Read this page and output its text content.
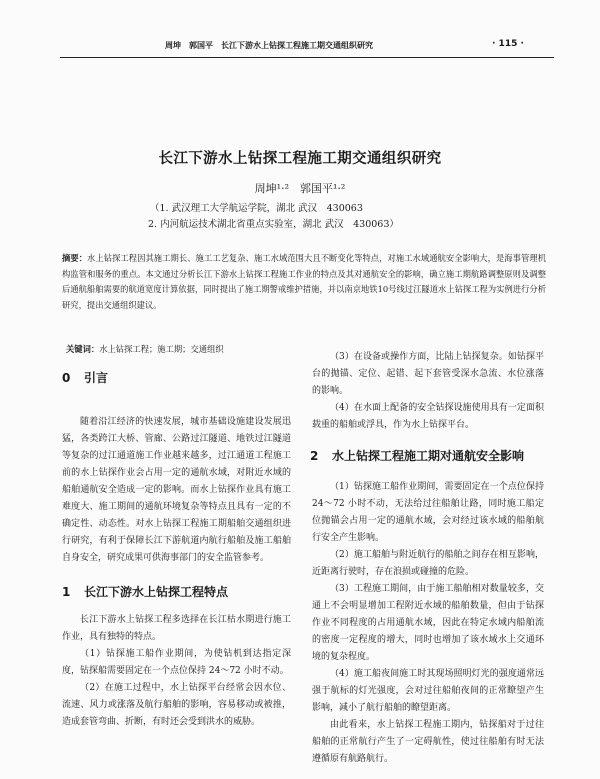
周坤　郭国平　长江下游水上钻探工程施工期交通组织研究	· 115 ·
长江下游水上钻探工程施工期交通组织研究
周坤¹·²　郭国平¹·²
（1. 武汉理工大学航运学院，湖北 武汉　430063
2. 内河航运技术湖北省重点实验室，湖北 武汉　430063）
摘要：水上钻探工程因其施工期长、施工工艺复杂、施工水域范围大且不断变化等特点，对施工水域通航安全影响大，是海事管理机构监管和服务的重点。本文通过分析长江下游水上钻探工程施工作业的特点及其对通航安全的影响，确立施工期航路调整原则及调整后通航船舶需要的航道宽度计算依据，同时提出了施工期警戒维护措施，并以南京地铁10号线过江隧道水上钻探工程为实例进行分析研究，提出交通组织建议。
关键词：水上钻探工程；施工期；交通组织
0 引言

随着沿江经济的快速发展，城市基础设施建设发展迅猛，各类跨江大桥、管廊、公路过江隧道、地铁过江隧道等复杂的过江通道施工作业越来越多，过江通道工程施工前的水上钻探作业会占用一定的通航水域，对附近水域的船舶通航安全造成一定的影响。而水上钻探作业具有施工难度大、施工期间的通航环境复杂等特点且具有一定的不确定性、动态性。对水上钻探工程施工期船舶交通组织进行研究，有利于保障长江下游航道内航行船舶及施工船舶自身安全，研究成果可供海事部门的安全监管参考。

1 长江下游水上钻探工程特点

长江下游水上钻探工程多选择在长江枯水期进行施工作业，具有独特的特点。

（1）钻探施工船作业期间，为使钻机到达指定深度，钻探船需要固定在一个点位保持 24～72 小时不动。

（2）在施工过程中，水上钻探平台经常会因水位、流速、风力或涨落及航行船舶的影响，容易移动或被推，造成套管弯曲、折断，有时还会受到洪水的威胁。

（3）在设备或操作方面，比陆上钻探复杂。如钻探平台的抛锚、定位、起错、起下套管受深水急流、水位涨落的影响。

（4）在水面上配备的安全钻探设施使用具有一定面积载重的船舶或浮具，作为水上钻探平台。

2 水上钻探工程施工期对通航安全影响

（1）钻探施工船作业期间，需要固定在一个点位保持 24～72 小时不动，无法给过往船舶让路，同时施工船定位抛锚会占用一定的通航水域，会对经过该水域的船舶航行安全产生影响。

（2）施工船舶与附近航行的船舶之间存在相互影响，近距离行驶时，存在浪损或碰撞的危险。

（3）工程施工期间，由于施工船舶相对数量较多，交通上不会明显增加工程附近水域的船舶数量，但由于钻探作业不同程度的占用通航水域，因此在特定水域内船舶流的密度一定程度的增大，同时也增加了该水域水上交通环境的复杂程度。

（4）施工船夜间施工时其现场照明灯光的强度通常远强于航标的灯光强度，会对过往船舶夜间的正常瞭望产生影响，减小了航行船舶的瞭望距离。

由此看来，水上钻探工程施工期内，钻探船对于过往船舶的正常航行产生了一定碍航性，使过往船舶有时无法遵循原有航路航行。
